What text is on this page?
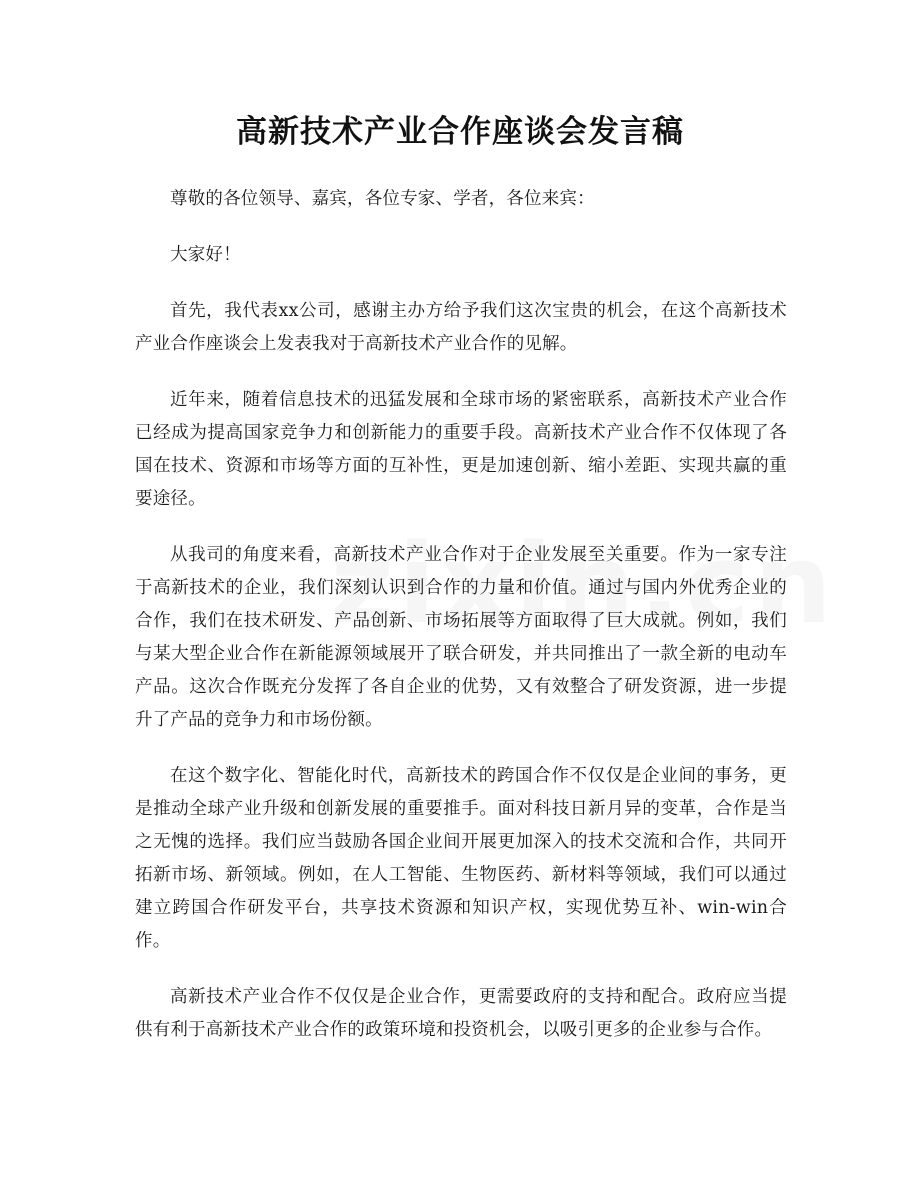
高新技术产业合作座谈会发言稿

尊敬的各位领导、嘉宾，各位专家、学者，各位来宾：

大家好！

首先，我代表xx公司，感谢主办方给予我们这次宝贵的机会，在这个高新技术产业合作座谈会上发表我对于高新技术产业合作的见解。

近年来，随着信息技术的迅猛发展和全球市场的紧密联系，高新技术产业合作已经成为提高国家竞争力和创新能力的重要手段。高新技术产业合作不仅体现了各国在技术、资源和市场等方面的互补性，更是加速创新、缩小差距、实现共赢的重要途径。

从我司的角度来看，高新技术产业合作对于企业发展至关重要。作为一家专注于高新技术的企业，我们深刻认识到合作的力量和价值。通过与国内外优秀企业的合作，我们在技术研发、产品创新、市场拓展等方面取得了巨大成就。例如，我们与某大型企业合作在新能源领域展开了联合研发，并共同推出了一款全新的电动车产品。这次合作既充分发挥了各自企业的优势，又有效整合了研发资源，进一步提升了产品的竞争力和市场份额。

在这个数字化、智能化时代，高新技术的跨国合作不仅仅是企业间的事务，更是推动全球产业升级和创新发展的重要推手。面对科技日新月异的变革，合作是当之无愧的选择。我们应当鼓励各国企业间开展更加深入的技术交流和合作，共同开拓新市场、新领域。例如，在人工智能、生物医药、新材料等领域，我们可以通过建立跨国合作研发平台，共享技术资源和知识产权，实现优势互补、win-win合作。

高新技术产业合作不仅仅是企业合作，更需要政府的支持和配合。政府应当提供有利于高新技术产业合作的政策环境和投资机会，以吸引更多的企业参与合作。
